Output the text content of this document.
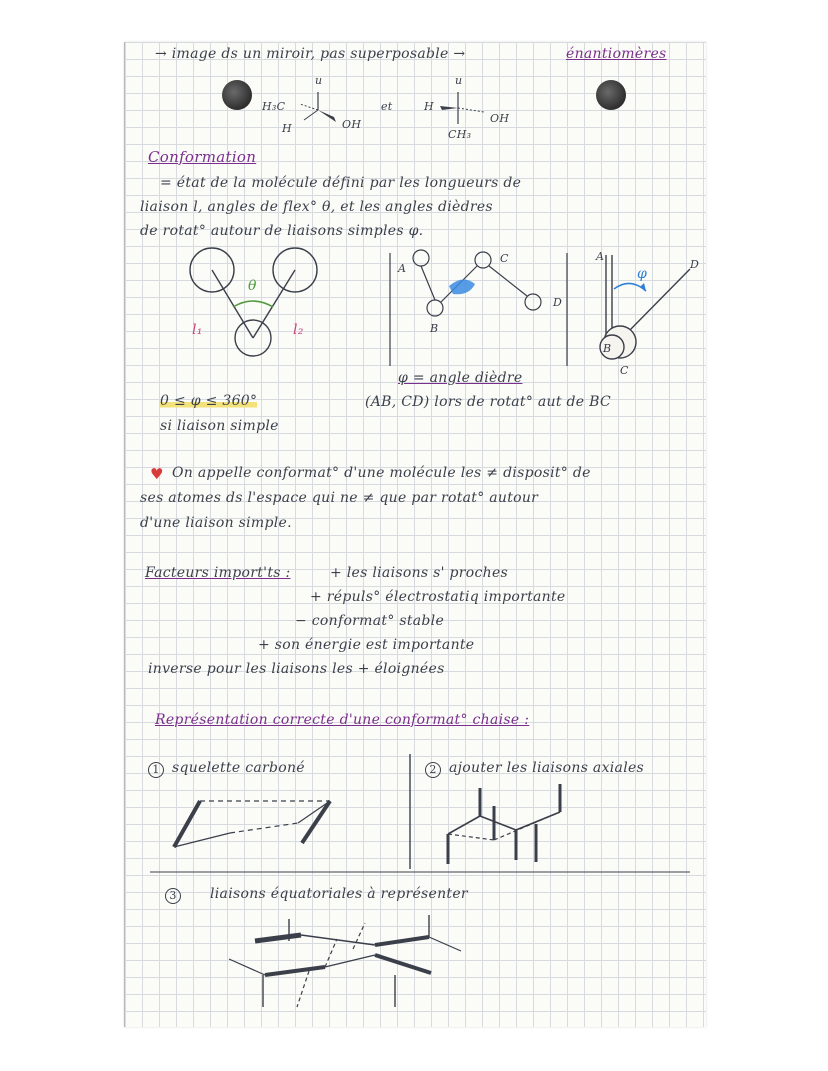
→ image ds un miroir, pas superposable →	énantiomères
u
H₃C
H	OH
et
u
H
OH
CH₃
Conformation
= état de la molécule défini par les longueurs de
liaison l, angles de flex° θ, et les angles dièdres
de rotat° autour de liaisons simples φ.
θ
l₁	l₂
A
B
C
D
A
D
B
C
φ
φ = angle dièdre
0 ≤ φ ≤ 360°	(AB, CD) lors de rotat° aut de BC
si liaison simple
♥ On appelle conformat° d'une molécule les ≠ disposit° de
ses atomes ds l'espace qui ne ≠ que par rotat° autour
d'une liaison simple.
Facteurs import'ts :	+ les liaisons s' proches
+ répuls° électrostatiq importante
− conformat° stable
+ son énergie est importante
inverse pour les liaisons les + éloignées
Représentation correcte d'une conformat° chaise :
1 squelette carboné	2 ajouter les liaisons axiales
3	liaisons équatoriales à représenter
